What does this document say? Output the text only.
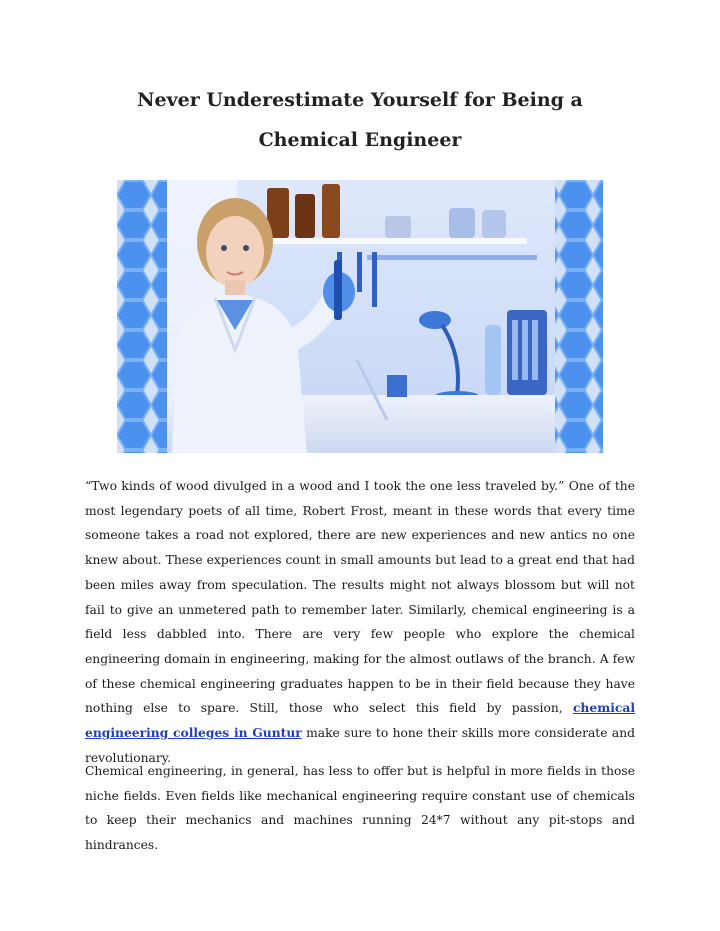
Never Underestimate Yourself for Being a
Chemical Engineer

“Two kinds of wood divulged in a wood and I took the one less traveled by.” One of the most legendary poets of all time, Robert Frost, meant in these words that every time someone takes a road not explored, there are new experiences and new antics no one knew about. These experiences count in small amounts but lead to a great end that had been miles away from speculation. The results might not always blossom but will not fail to give an unmetered path to remember later. Similarly, chemical engineering is a field less dabbled into. There are very few people who explore the chemical engineering domain in engineering, making for the almost outlaws of the branch. A few of these chemical engineering graduates happen to be in their field because they have nothing else to spare. Still, those who select this field by passion, chemical engineering colleges in Guntur make sure to hone their skills more considerate and revolutionary.

Chemical engineering, in general, has less to offer but is helpful in more fields in those niche fields. Even fields like mechanical engineering require constant use of chemicals to keep their mechanics and machines running 24*7 without any pit-stops and hindrances.
